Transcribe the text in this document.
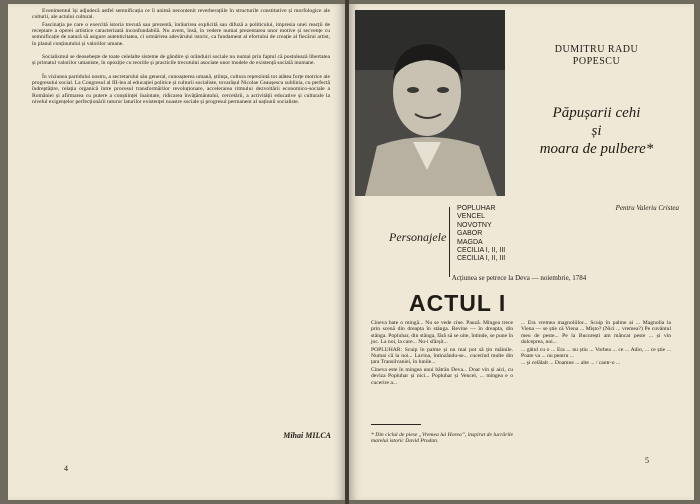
Evenimentul își adjudecă astfel semnificația ce îi animă necontenit reverberațiile în structurile constitutive și morfologice ale culturii, ale actului cultural.

Fascinația pe care o exercită istoria trecută sau prezentă, înrâurirea explicită sau difuză a politicului, impresia unei reacții de receptare a operei artistice caracterizată inconfundabilă. Nu avem, însă, în vedere numai prezentarea unor motive și secvențe cu semnificație de natură să asigure autenticitatea, ci urmărirea adevărului istoric, ca fundament al efortului de creație al fiecărui artist, în planul conținutului și valorilor umane.

Socialismul se deosebește de toate celelalte sisteme de gândire și orânduiri sociale nu numai prin faptul că postulează libertatea și primatul valorilor umaniste, în opoziție cu teoriile și practicile trecutului asociate unor modele de existență socială inumane.

În viziunea partidului nostru, a secretarului său general, cunoașterea umană, știința, cultura reprezintă tot atâtea forțe motrice ale progresului social. La Congresul al III-lea al educației politice și culturii socialiste, tovarășul Nicolae Ceaușescu sublinia, cu perfectă îndreptățire, relația organică între procesul transformărilor revoluționare, accelerarea ritmului dezvoltării economico-sociale a României și afirmarea cu putere a conștiinței înaintate, ridicarea învățământului, cercetării, a activității educative și culturale la nivelul exigențelor perfecționării tuturor laturilor existenței noastre sociale și progresul permanent al națiunii socialiste.

Mihai MILCA
4
DUMITRU RADU
POPESCU
Păpușarii cehi
și
moara de pulbere*
Pentru Valeriu Cristea
Personajele
POPLUHAR
VENCEL
NOVOTNY
GABOR
MAGDA
CECILIA I, II, III
CECILIA I, II, III
Acțiunea se petrece la Deva — noiembrie, 1784
ACTUL I

Cineva bate o mingă... Nu se vede cine. Pauză. Mingea trece prin scenă din dreapta în stânga. Revine — în dreapta, din stânga. Popluhar, din stânga, fără să se uite, întinde, se pune în joc. La noi, la care... Nu-i sfârșit...

POPLUHAR: Scuip în palme și nu mai pot să țin mâinile. Numai că la noi... Lavina, întinzându-se... cucerind multe din țara Transilvaniei, în lunile...

Cineva este în mingea unui bătrân Deva... Doar vin și aici, cu deviza Popluhar și nici... Popluhar și Vencel, ... mingea e o cucerire a...

* Din ciclul de piese „Vremea lui Horea”, inspirat de lucrările marelui istoric David Prodan.

... Era vremea magnoliilor... Scuip în palme ai ... Magnolia la Viena — se știe că Viena ... Mișto? (Nici ... vremea?) Pe cuvântul meu de peste... Pe la București am mâncat peste ... și vin dulceprea, noi...

... gâtul cu o ... Era ... nu știu ... Vorbea ... ce ... Adio, ... ce știe ... Poate va ... nu pentru ...

... și celălalt ... Doamne ... alte ... / cantr-o ...

5
